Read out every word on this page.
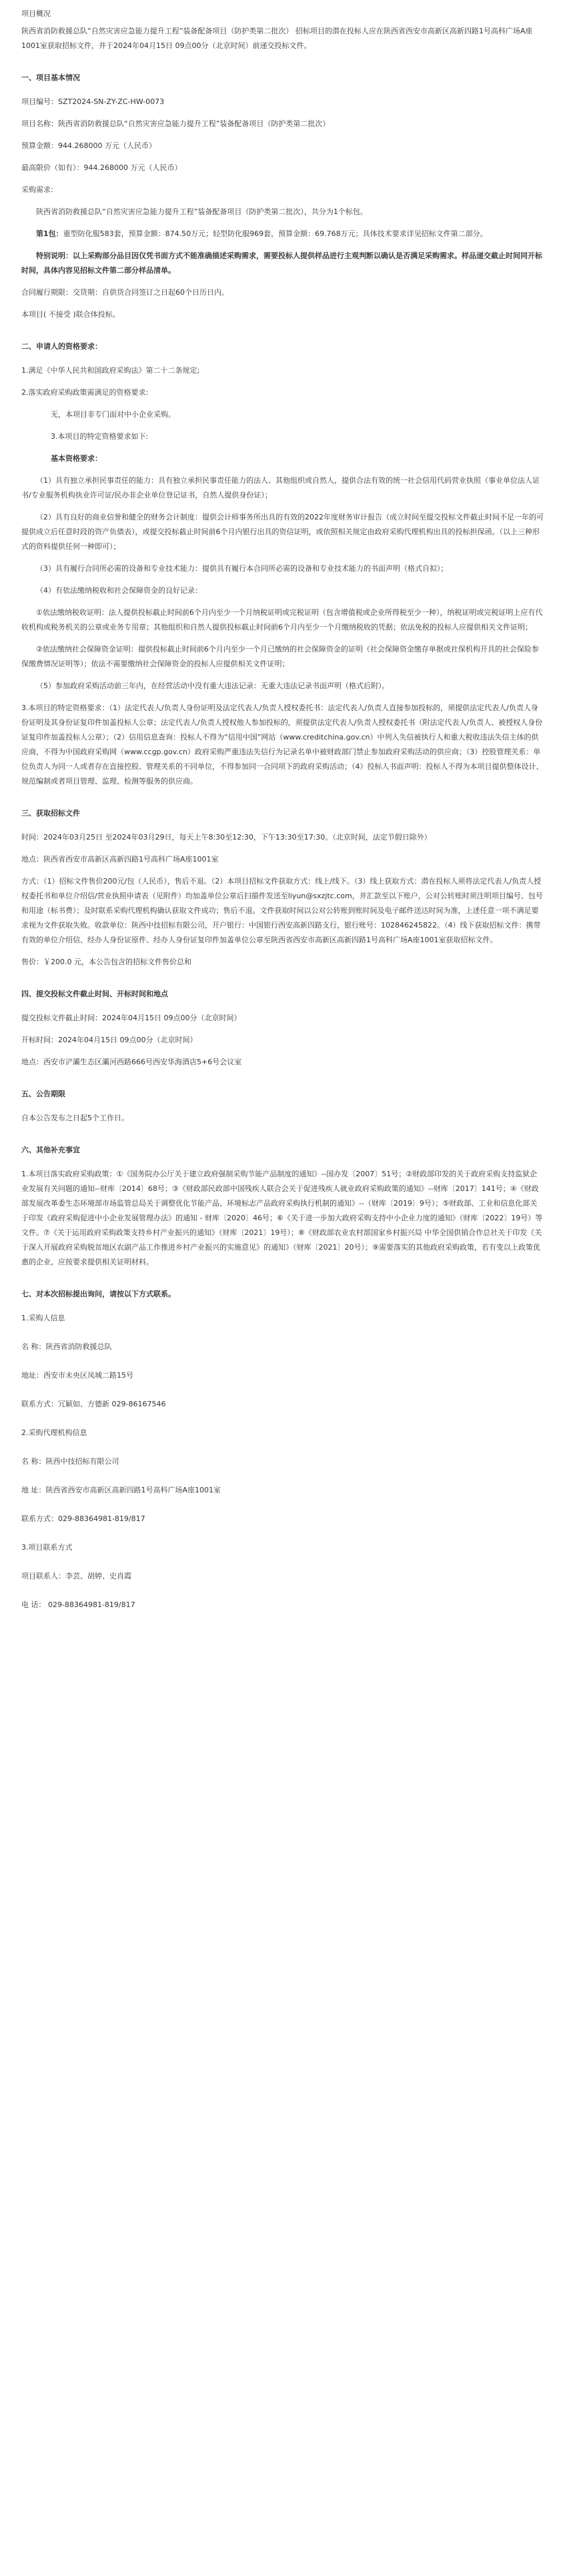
项目概况
陕西省消防救援总队“自然灾害应急能力提升工程”装备配备项目（防护类第二批次） 招标项目的潜在投标人应在陕西省西安市高新区高新四路1号高科广场A座1001室获取招标文件，并于2024年04月15日 09点00分（北京时间）前递交投标文件。
一、项目基本情况
项目编号：SZT2024-SN-ZY-ZC-HW-0073
项目名称：陕西省消防救援总队“自然灾害应急能力提升工程”装备配备项目（防护类第二批次）
预算金额：944.268000 万元（人民币）
最高限价（如有）：944.268000 万元（人民币）
采购需求:
陕西省消防救援总队“自然灾害应急能力提升工程”装备配备项目（防护类第二批次），共分为1个标包。
第1包：重型防化服583套，预算金额：874.50万元；轻型防化服969套，预算金额：69.768万元；具体技术要求详见招标文件第二部分。
特别说明：以上采购部分品目因仅凭书面方式不能准确描述采购需求，需要投标人提供样品进行主观判断以确认是否满足采购需求。样品递交截止时间同开标时间，具体内容见招标文件第二部分样品清单。
合同履行期限：交货期：自供货合同签订之日起60个日历日内。
本项目( 不接受 )联合体投标。
二、申请人的资格要求：
1.满足《中华人民共和国政府采购法》第二十二条规定;
2.落实政府采购政策需满足的资格要求:
无，本项目非专门面对中小企业采购。
3.本项目的特定资格要求如下:
基本资格要求：
（1）具有独立承担民事责任的能力：具有独立承担民事责任能力的法人、其他组织或自然人，提供合法有效的统一社会信用代码营业执照（事业单位法人证书/专业服务机构执业许可证/民办非企业单位登记证书，自然人提供身份证）；
（2）具有良好的商业信誉和健全的财务会计制度：提供会计师事务所出具的有效的2022年度财务审计报告（成立时间至提交投标文件截止时间不足一年的可提供成立后任意时段的资产负债表），或提交投标截止时间前6个月内银行出具的资信证明，或依照相关规定由政府采购代理机构出具的投标担保函。（以上三种形式的资料提供任何一种即可）；
（3）具有履行合同所必需的设备和专业技术能力：提供具有履行本合同所必需的设备和专业技术能力的书面声明（格式自拟）；
（4）有依法缴纳税收和社会保障资金的良好记录：
①依法缴纳税收证明：法人提供投标截止时间前6个月内至少一个月纳税证明或完税证明（包含增值税或企业所得税至少一种），纳税证明或完税证明上应有代收机构或税务机关的公章或业务专用章；其他组织和自然人提供投标截止时间前6个月内至少一个月缴纳税收的凭据；依法免税的投标人应提供相关文件证明；
②依法缴纳社会保障资金证明：提供投标截止时间前6个月内至少一个月已缴纳的社会保障资金的证明（社会保障资金缴存单据或社保机构开具的社会保险参保缴费情况证明等）；依法不需要缴纳社会保障资金的投标人应提供相关文件证明；
（5）参加政府采购活动前三年内，在经营活动中没有重大违法记录：无重大违法记录书面声明（格式后附）。
3.本项目的特定资格要求：（1）法定代表人/负责人身份证明及法定代表人/负责人授权委托书：法定代表人/负责人直接参加投标的，须提供法定代表人/负责人身份证明及其身份证复印件加盖投标人公章；法定代表人/负责人授权他人参加投标的，须提供法定代表人/负责人授权委托书（附法定代表人/负责人、被授权人身份证复印件加盖投标人公章）；（2）信用信息查询：投标人不得为“信用中国”网站（www.creditchina.gov.cn）中列入失信被执行人和重大税收违法失信主体的供应商，不得为中国政府采购网（www.ccgp.gov.cn）政府采购严重违法失信行为记录名单中被财政部门禁止参加政府采购活动的供应商；（3）控股管理关系：单位负责人为同一人或者存在直接控股、管理关系的不同单位，不得参加同一合同项下的政府采购活动；（4）投标人书面声明：投标人不得为本项目提供整体设计、规范编制或者项目管理、监理、检测等服务的供应商。
三、获取招标文件
时间：2024年03月25日 至2024年03月29日，每天上午8:30至12:30，下午13:30至17:30。（北京时间，法定节假日除外）
地点：陕西省西安市高新区高新四路1号高科广场A座1001室
方式：（1）招标文件售价200元/包（人民币），售后不退。（2）本项目招标文件获取方式：线上/线下。（3）线上获取方式：潜在投标人须将法定代表人/负责人授权委托书和单位介绍信/营业执照申请表（见附件）均加盖单位公章后扫描件发送至liyun@sxzjtc.com，并汇款至以下账户，公对公转账时须注明项目编号、包号和用途（标书费）；及时联系采购代理机构确认获取文件成功；售后不退。文件获取时间以公对公转账到账时间及电子邮件送达时间为准，上述任意一项不满足要求视为文件获取失败。收款单位：陕西中技招标有限公司，开户银行：中国银行西安高新四路支行，银行账号：102846245822。（4）线下获取招标文件：携带有效的单位介绍信、经办人身份证原件、经办人身份证复印件加盖单位公章至陕西省西安市高新区高新四路1号高科广场A座1001室获取招标文件。
售价：￥200.0 元，本公告包含的招标文件售价总和
四、提交投标文件截止时间、开标时间和地点
提交投标文件截止时间：2024年04月15日 09点00分（北京时间）
开标时间：2024年04月15日 09点00分（北京时间）
地点：西安市浐灞生态区灞河西路666号西安华海酒店5+6号会议室
五、公告期限
自本公告发布之日起5个工作日。
六、其他补充事宜
1.本项目落实政府采购政策：①《国务院办公厅关于建立政府强制采购节能产品制度的通知》--国办发〔2007〕51号；②财政部印发的关于政府采购支持监狱企业发展有关问题的通知--财库〔2014〕68号；③《财政部民政部中国残疾人联合会关于促进残疾人就业政府采购政策的通知》--财库〔2017〕141号；④《财政部发展改革委生态环境部市场监管总局关于调整优化节能产品、环境标志产品政府采购执行机制的通知》--（财库〔2019〕9号）；⑤财政部、工业和信息化部关于印发《政府采购促进中小企业发展管理办法》的通知 - 财库〔2020〕46号；⑥《关于进一步加大政府采购支持中小企业力度的通知》（财库〔2022〕19号）等文件。⑦《关于运用政府采购政策支持乡村产业振兴的通知》（财库〔2021〕19号）；⑧《财政部农业农村部国家乡村振兴局 中华全国供销合作总社关于印发《关于深入开展政府采购脱贫地区农副产品工作推进乡村产业振兴的实施意见》的通知》（财库〔2021〕20号）；⑨需要落实的其他政府采购政策，若有变以上政策优惠的企业，应按要求提供相关证明材料。
七、对本次招标提出询问，请按以下方式联系。
1.采购人信息
名 称：陕西省消防救援总队
地址：西安市未央区凤城二路15号
联系方式：冗颖如、方德新 029-86167546
2.采购代理机构信息
名 称：陕西中技招标有限公司
地 址：陕西省西安市高新区高新四路1号高科广场A座1001室
联系方式：029-88364981-819/817
3.项目联系方式
项目联系人：李芸、胡婷、史肖霞
电 话： 029-88364981-819/817
